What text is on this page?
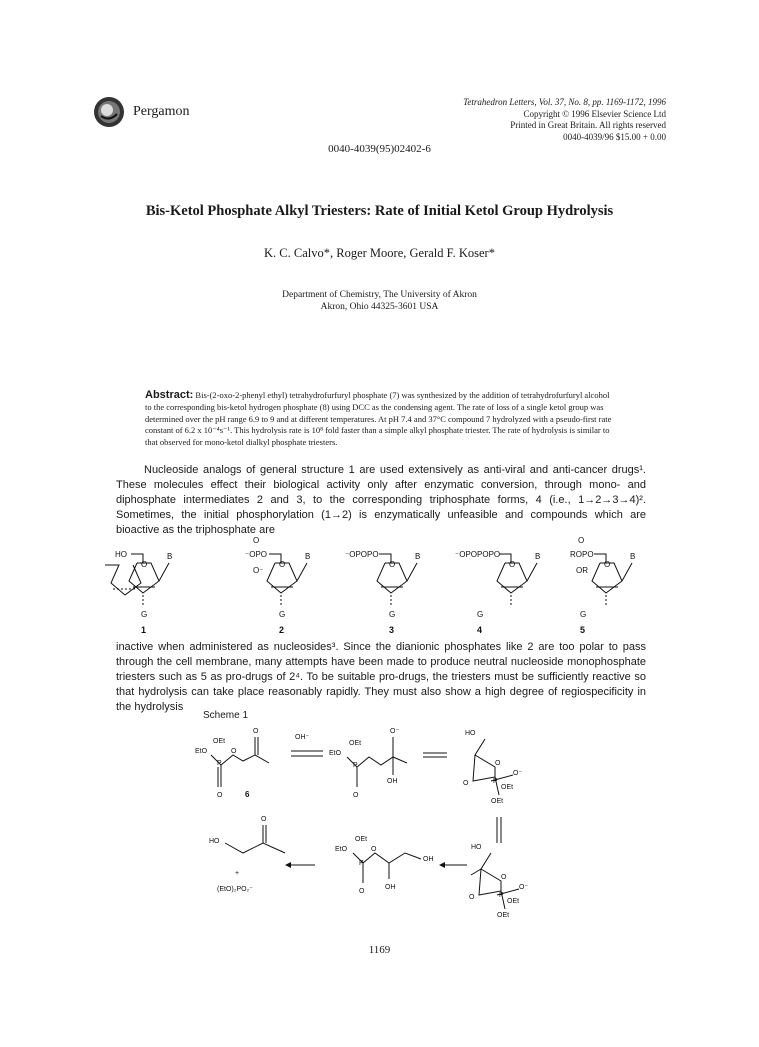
Pergamon
Tetrahedron Letters, Vol. 37, No. 8, pp. 1169-1172, 1996
Copyright © 1996 Elsevier Science Ltd
Printed in Great Britain. All rights reserved
0040-4039/96 $15.00 + 0.00
0040-4039(95)02402-6
Bis-Ketol Phosphate Alkyl Triesters: Rate of Initial Ketol Group Hydrolysis
K. C. Calvo*, Roger Moore, Gerald F. Koser*
Department of Chemistry, The University of Akron
Akron, Ohio 44325-3601 USA
Abstract: Bis-(2-oxo-2-phenyl ethyl) tetrahydrofurfuryl phosphate (7) was synthesized by the addition of tetrahydrofurfuryl alcohol to the corresponding bis-ketol hydrogen phosphate (8) using DCC as the condensing agent. The rate of loss of a single ketol group was determined over the pH range 6.9 to 9 and at different temperatures. At pH 7.4 and 37°C compound 7 hydrolyzed with a pseudo-first rate constant of 6.2 x 10⁻⁴s⁻¹. This hydrolysis rate is 10⁸ fold faster than a simple alkyl phosphate triester. The rate of hydrolysis is similar to that observed for mono-ketol dialkyl phosphate triesters.
Nucleoside analogs of general structure 1 are used extensively as anti-viral and anti-cancer drugs¹. These molecules effect their biological activity only after enzymatic conversion, through mono- and diphosphate intermediates 2 and 3, to the corresponding triphosphate forms, 4 (i.e., 1→2→3→4)². Sometimes, the initial phosphorylation (1→2) is enzymatically unfeasible and compounds which are bioactive as the triphosphate are
HO
O
B
G
1
O
⁻OPO
O⁻
O
B
G
2
⁻OPOPO
O
B
G
3
⁻OPOPOPO
O
B
G
4
O
ROPO
OR
O
B
G
5
inactive when administered as nucleosides³. Since the dianionic phosphates like 2 are too polar to pass through the cell membrane, many attempts have been made to produce neutral nucleoside monophosphate triesters such as 5 as pro-drugs of 2⁴. To be suitable pro-drugs, the triesters must be sufficiently reactive so that hydrolysis can take place reasonably rapidly. They must also show a high degree of regiospecificity in the hydrolysis
Scheme 1
OEt
EtO
P
O
O
O
6
OH⁻
OEt
EtO
P
O
O⁻
OH
HO
O
O	P
O⁻
OEt
OEt
HO
O
+
(EtO)₂PO₂⁻
OEt
EtO
P
O
O
OH
OH
HO
O
O	P
O⁻
OEt
OEt
1169
